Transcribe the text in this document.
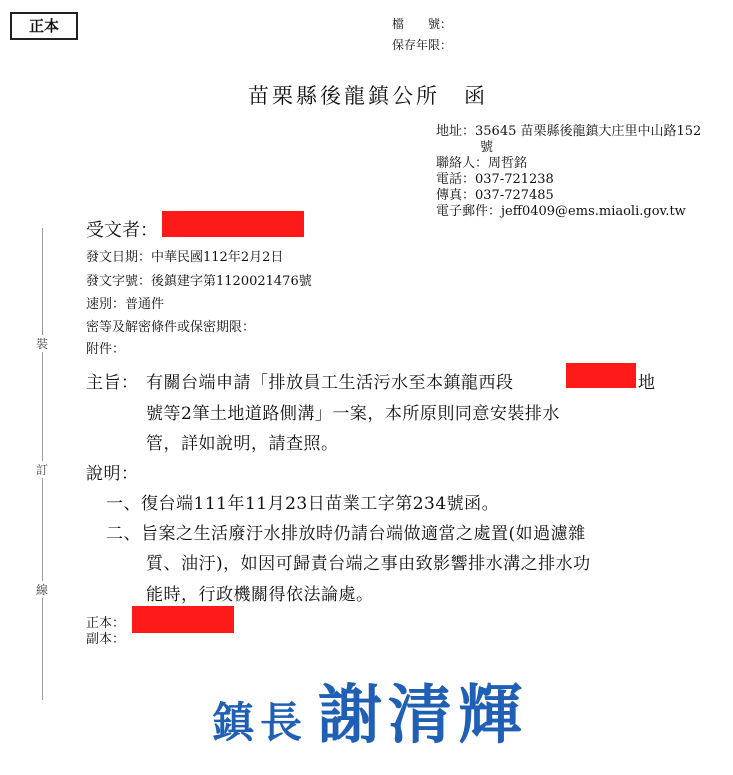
正本	檔　　號：
保存年限：
苗栗縣後龍鎮公所　函
地址：35645 苗栗縣後龍鎮大庄里中山路152
號
聯絡人：周哲銘
電話：037-721238
傳真：037-727485
電子郵件：jeff0409@ems.miaoli.gov.tw
裝
訂
線
受文者：
發文日期：中華民國112年2月2日
發文字號：後鎮建字第1120021476號
速別：普通件
密等及解密條件或保密期限：
附件：
主旨： 有關台端申請「排放員工生活污水至本鎮龍西段	地
號等2筆土地道路側溝」一案，本所原則同意安裝排水
管，詳如說明，請查照。
說明：
一、復台端111年11月23日苗業工字第234號函。
二、旨案之生活廢汙水排放時仍請台端做適當之處置(如過濾雜
質、油汙)，如因可歸責台端之事由致影響排水溝之排水功
能時，行政機關得依法論處。
正本：
副本：
鎮長 謝清輝
